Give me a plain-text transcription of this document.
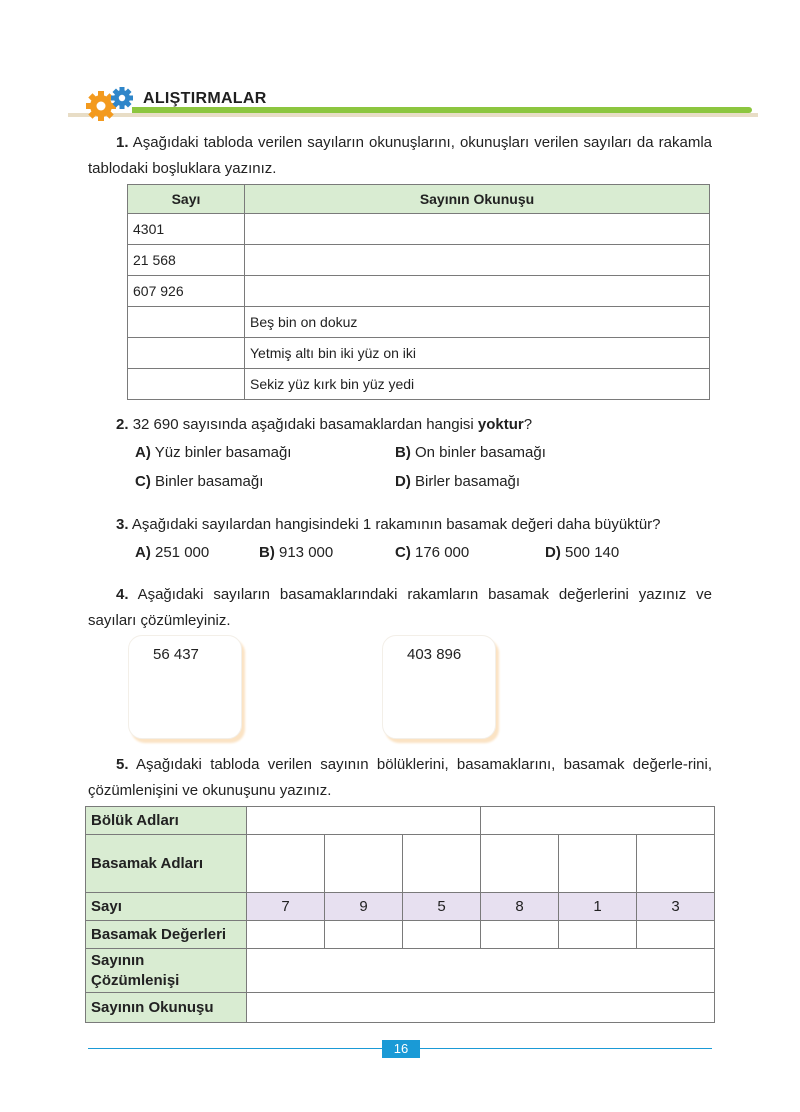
ALIŞTIRMALAR

1. Aşağıdaki tabloda verilen sayıların okunuşlarını, okunuşları verilen sayıları da rakamla tablodaki boşluklara yazınız.

Sayı	Sayının Okunuşu
4301	
21 568	
607 926	
	Beş bin on dokuz
	Yetmiş altı bin iki yüz on iki
	Sekiz yüz kırk bin yüz yedi

2. 32 690 sayısında aşağıdaki basamaklardan hangisi yoktur?

A) Yüz binler basamağı	B) On binler basamağı
C) Binler basamağı	D) Birler basamağı

3. Aşağıdaki sayılardan hangisindeki 1 rakamının basamak değeri daha büyüktür?

A) 251 000	B) 913 000	C) 176 000	D) 500 140

4. Aşağıdaki sayıların basamaklarındaki rakamların basamak değerlerini yazınız ve sayıları çözümleyiniz.

56 437	403 896

5. Aşağıdaki tabloda verilen sayının bölüklerini, basamaklarını, basamak değerle-rini, çözümlenişini ve okunuşunu yazınız.

Bölük Adları						
Basamak Adları						
Sayı	7	9	5	8	1	3
Basamak Değerleri						
Sayının
Çözümlenişi						
Sayının Okunuşu						
16
